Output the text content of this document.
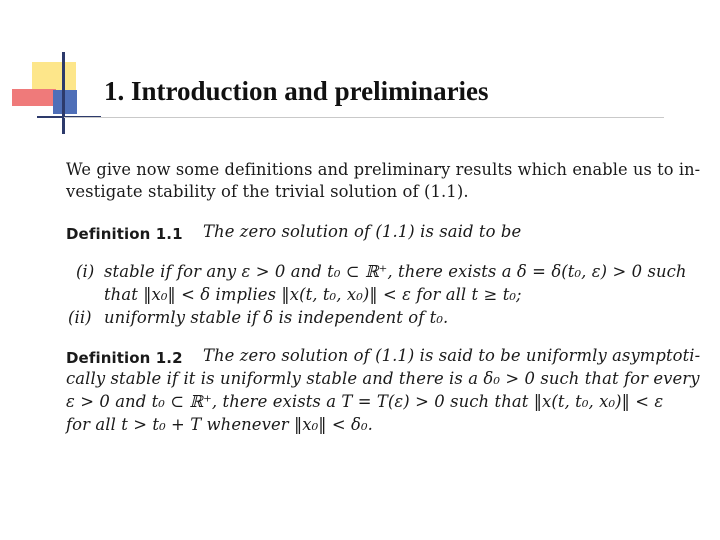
1. Introduction and preliminaries
We give now some definitions and preliminary results which enable us to in-
vestigate stability of the trivial solution of (1.1).
Definition 1.1 The zero solution of (1.1) is said to be
(i) stable if for any ε > 0 and t₀ ⊂ ℝ⁺, there exists a δ = δ(t₀, ε) > 0 such
that ‖x₀‖ < δ implies ‖x(t, t₀, x₀)‖ < ε for all t ≥ t₀;
(ii) uniformly stable if δ is independent of t₀.
Definition 1.2 The zero solution of (1.1) is said to be uniformly asymptoti-
cally stable if it is uniformly stable and there is a δ₀ > 0 such that for every
ε > 0 and t₀ ⊂ ℝ⁺, there exists a T = T(ε) > 0 such that ‖x(t, t₀, x₀)‖ < ε
for all t > t₀ + T whenever ‖x₀‖ < δ₀.
